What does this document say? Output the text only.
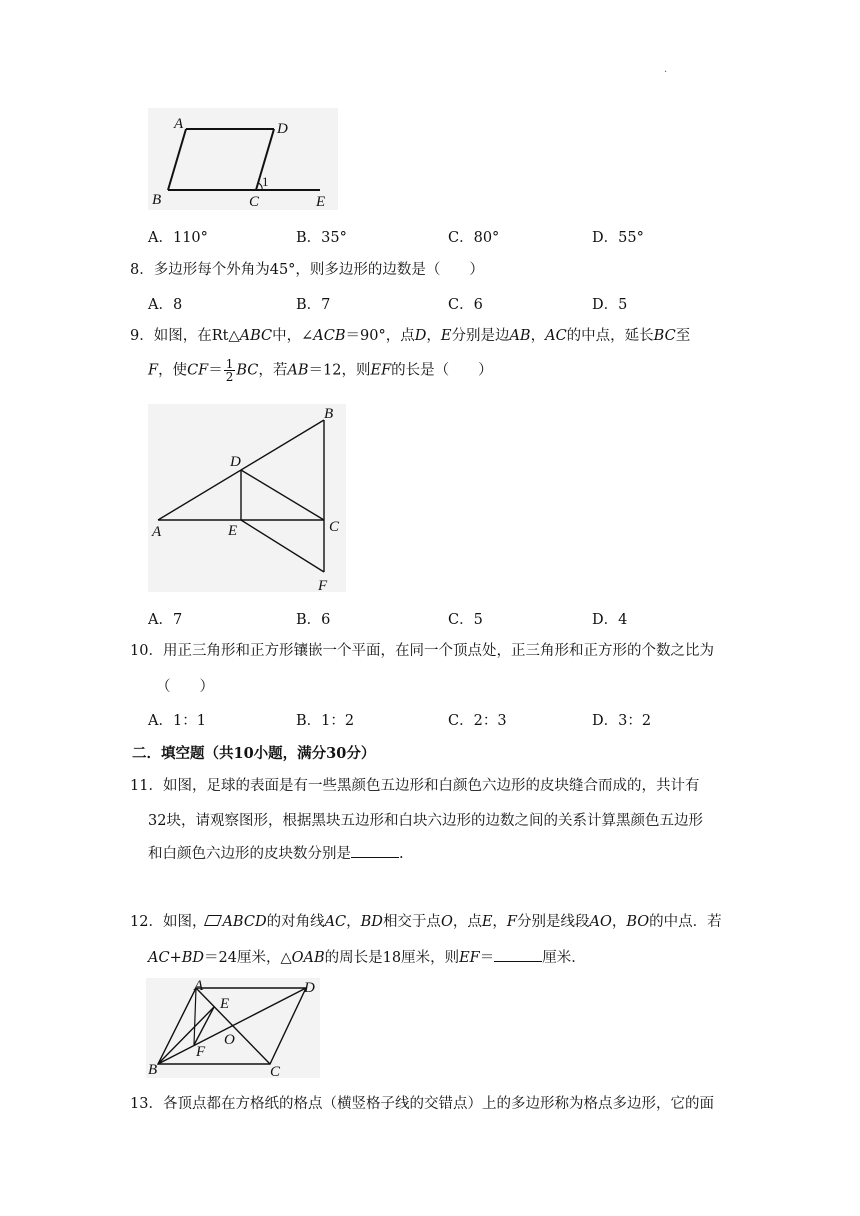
.
A	D
B	C	E
1
A．110°	B．35°	C．80°	D．55°
8．多边形每个外角为45°，则多边形的边数是（　　）
A．8	B．7	C．6	D．5
9．如图，在Rt△ABC中，∠ACB＝90°，点D，E分别是边AB，AC的中点，延长BC至
F，使$CF= \frac{1}{2}$ BC，若AB＝12，则EF的长是（　　）
B
D
A	E	C
F
A．7	B．6	C．5	D．4
10．用正三角形和正方形镶嵌一个平面，在同一个顶点处，正三角形和正方形的个数之比为
（　　）
A．1：1	B．1：2	C．2：3	D．3：2
二．填空题（共10小题，满分30分）
11．如图，足球的表面是有一些黑颜色五边形和白颜色六边形的皮块缝合而成的，共计有
32块，请观察图形，根据黑块五边形和白块六边形的边数之间的关系计算黑颜色五边形
和白颜色六边形的皮块数分别是	.
12．如图， ABCD的对角线AC，BD相交于点O，点E，F分别是线段AO，BO的中点．若
AC+BD＝24厘米，△OAB的周长是18厘米，则EF＝	厘米．
A	D
E
O
F
B	C
13．各顶点都在方格纸的格点（横竖格子线的交错点）上的多边形称为格点多边形，它的面
